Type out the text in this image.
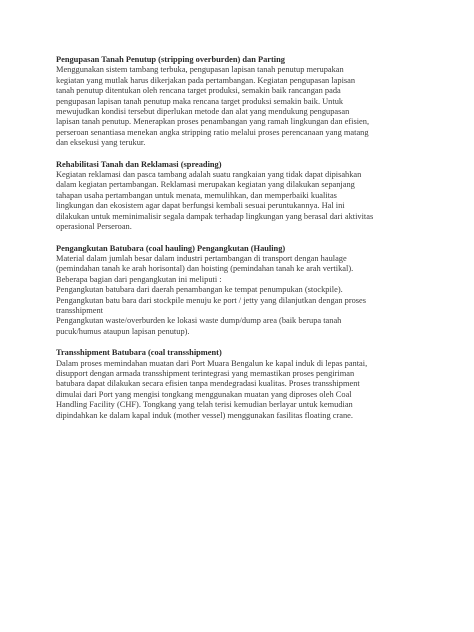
Pengupasan Tanah Penutup (stripping overburden) dan Parting

Menggunakan sistem tambang terbuka, pengupasan lapisan tanah penutup merupakan
kegiatan yang mutlak harus dikerjakan pada pertambangan. Kegiatan pengupasan lapisan
tanah penutup ditentukan oleh rencana target produksi, semakin baik rancangan pada
pengupasan lapisan tanah penutup maka rencana target produksi semakin baik. Untuk
mewujudkan kondisi tersebut diperlukan metode dan alat yang mendukung pengupasan
lapisan tanah penutup. Menerapkan proses penambangan yang ramah lingkungan dan efisien,
perseroan senantiasa menekan angka stripping ratio melalui proses perencanaan yang matang
dan eksekusi yang terukur.

Rehabilitasi Tanah dan Reklamasi (spreading)

Kegiatan reklamasi dan pasca tambang adalah suatu rangkaian yang tidak dapat dipisahkan
dalam kegiatan pertambangan. Reklamasi merupakan kegiatan yang dilakukan sepanjang
tahapan usaha pertambangan untuk menata, memulihkan, dan memperbaiki kualitas
lingkungan dan ekosistem agar dapat berfungsi kembali sesuai peruntukannya. Hal ini
dilakukan untuk meminimalisir segala dampak terhadap lingkungan yang berasal dari aktivitas
operasional Perseroan.

Pengangkutan Batubara (coal hauling) Pengangkutan (Hauling)

Material dalam jumlah besar dalam industri pertambangan di transport dengan haulage
(pemindahan tanah ke arah horisontal) dan hoisting (pemindahan tanah ke arah vertikal).
Beberapa bagian dari pengangkutan ini meliputi :
Pengangkutan batubara dari daerah penambangan ke tempat penumpukan (stockpile).
Pengangkutan batu bara dari stockpile menuju ke port / jetty yang dilanjutkan dengan proses
transshipment
Pengangkutan waste/overburden ke lokasi waste dump/dump area (baik berupa tanah
pucuk/humus ataupun lapisan penutup).

Transshipment Batubara (coal transshipment)

Dalam proses memindahan muatan dari Port Muara Bengalun ke kapal induk di lepas pantai,
disupport dengan armada transshipment terintegrasi yang memastikan proses pengiriman
batubara dapat dilakukan secara efisien tanpa mendegradasi kualitas. Proses transshipment
dimulai dari Port yang mengisi tongkang menggunakan muatan yang diproses oleh Coal
Handling Facility (CHF). Tongkang yang telah terisi kemudian berlayar untuk kemudian
dipindahkan ke dalam kapal induk (mother vessel) menggunakan fasilitas floating crane.
